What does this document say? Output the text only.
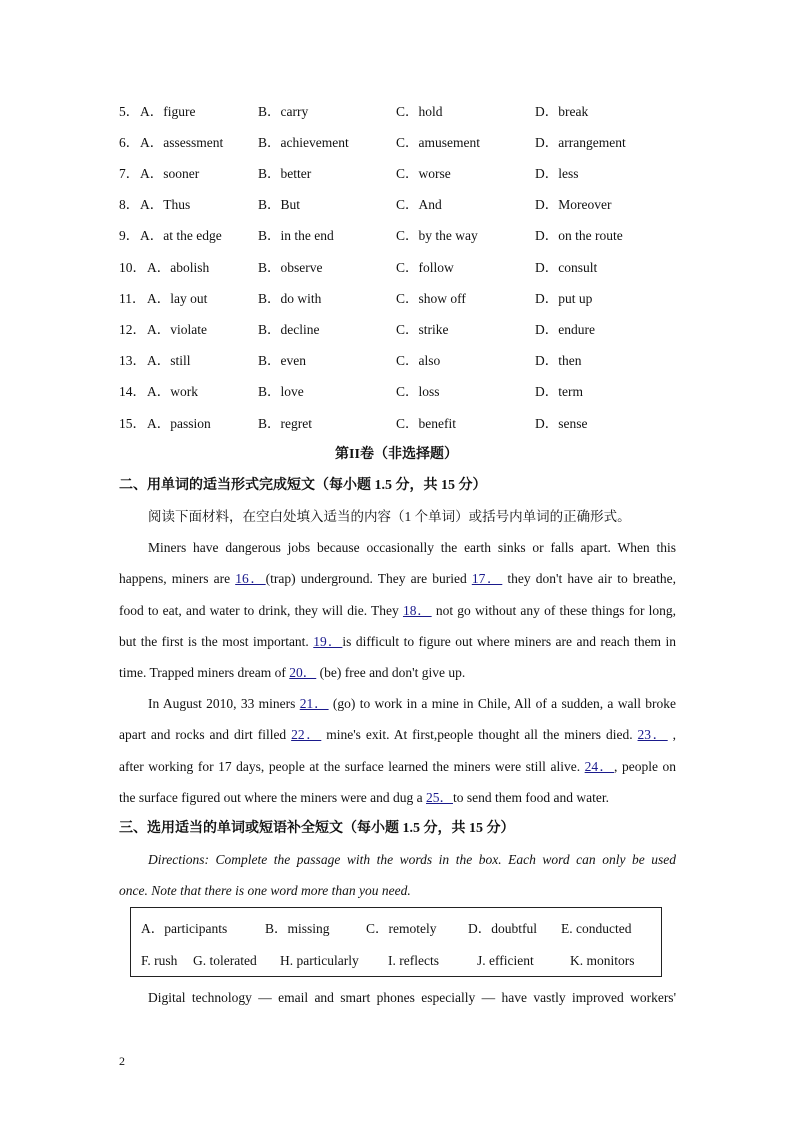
5． A．figure	B．carry	C．hold	D．break
6． A．assessment	B．achievement	C．amusement	D．arrangement
7． A．sooner	B．better	C．worse	D．less
8． A．Thus	B．But	C．And	D．Moreover
9． A．at the edge	B．in the end	C．by the way	D．on the route
10． A．abolish	B．observe	C．follow	D．consult
11． A．lay out	B．do with	C．show off	D．put up
12． A．violate	B．decline	C．strike	D．endure
13． A．still	B．even	C．also	D．then
14． A．work	B．love	C．loss	D．term
15． A．passion	B．regret	C．benefit	D．sense
第II卷（非选择题）
二、用单词的适当形式完成短文（每小题 1.5 分，共 15 分）
阅读下面材料，在空白处填入适当的内容（1 个单词）或括号内单词的正确形式。
Miners have dangerous jobs because occasionally the earth sinks or falls apart. When this
happens, miners are 16．(trap) underground. They are buried 17． they don't have air to breathe,
food to eat, and water to drink, they will die. They 18． not go without any of these things for long,
but the first is the most important. 19．is difficult to figure out where miners are and reach them in
time. Trapped miners dream of 20． (be) free and don't give up.
In August 2010, 33 miners 21． (go) to work in a mine in Chile, All of a sudden, a wall broke
apart and rocks and dirt filled 22． mine's exit. At first,people thought all the miners died. 23． ,
after working for 17 days, people at the surface learned the miners were still alive. 24．, people on
the surface figured out where the miners were and dug a 25．to send them food and water.
三、选用适当的单词或短语补全短文（每小题 1.5 分，共 15 分）
Directions: Complete the passage with the words in the box. Each word can only be used
once. Note that there is one word more than you need.
A．participants	B．missing	C．remotely D．doubtful E. conducted
F. rush G. tolerated H. particularly I. reflects	J. efficient	K. monitors
Digital technology — email and smart phones especially — have vastly improved workers'
2
